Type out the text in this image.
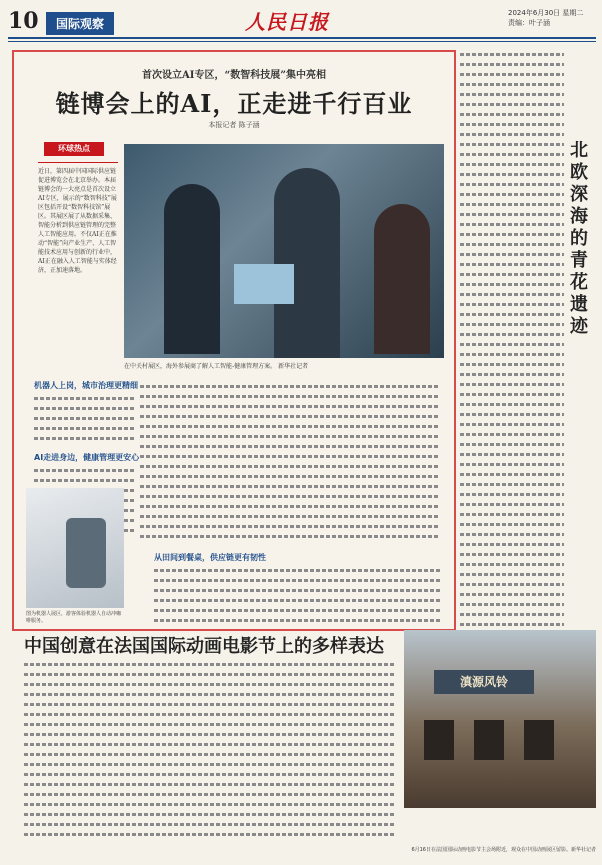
10	国际观察	人民日报	2024年6月30日 星期二
责编：叶子涵
首次设立AI专区，“数智科技展”集中亮相
链博会上的AI，正走进千行百业
本报记者 陈子涵
环球热点
近日，第四届中国国际供应链促进博览会在北京举办。本届链博会的一大亮点是首次设立AI专区，展示的“数智科技”展区包括开设“数智科技馆”展区。其展区展了从数据采集、智能分析到供应链管理的完整人工智能应用。不仅AI正在推动“智能”向产业生产、人工智能技术应用与创新的行业中，AI正在融入人工智能与实体经济，正加速落地。
在中关村展区，海外参展商了解人工智能-健康管理方案。 新华社记者
机器人上岗，城市治理更精细
AI走进身边，健康管理更安心
从田间到餐桌，供应链更有韧性
图为机器人展区，游客体验机器人自动冲咖啡服务。
北欧深海的青花遗迹
中国创意在法国国际动画电影节上的多样表达
滇源风铃
6月16日在法国国际动画电影节主会场附近，观众在中国动画展区留影。新华社记者
